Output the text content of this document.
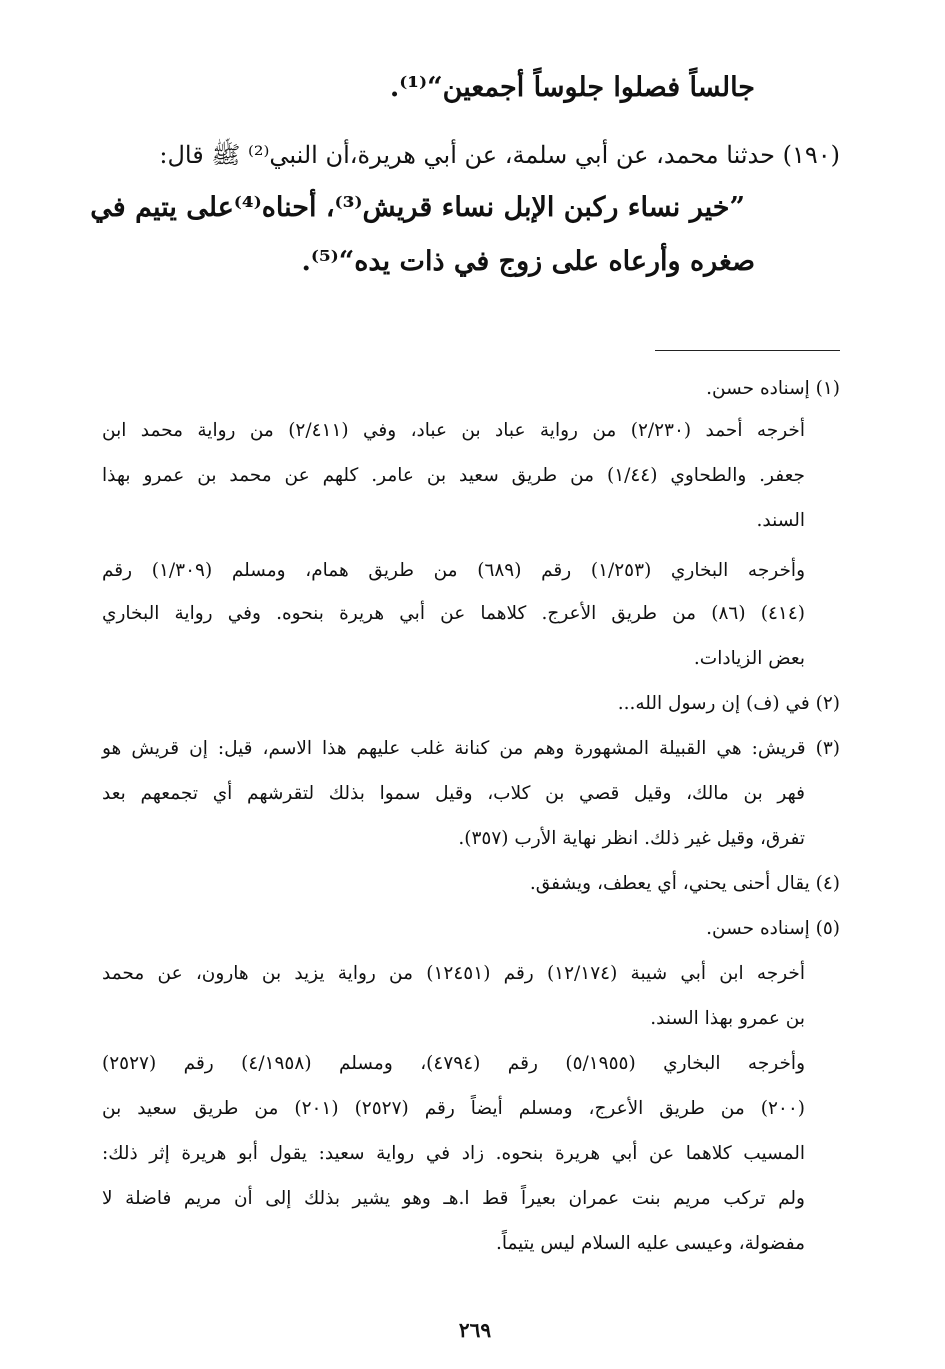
جالساً فصلوا جلوساً أجمعين“⁽¹⁾.
(١٩٠) حدثنا محمد، عن أبي سلمة، عن أبي هريرة،أن النبي⁽²⁾ ﷺ قال:
”خير نساء ركبن الإبل نساء قريش⁽³⁾، أحناه⁽⁴⁾على يتيم في
صغره وأرعاه على زوج في ذات يده“⁽⁵⁾.
(١) إسناده حسن.
أخرجه أحمد (٢/٢٣٠) من رواية عباد بن عباد، وفي (٢/٤١١) من رواية محمد ابن
جعفر. والطحاوي (١/٤٤) من طريق سعيد بن عامر. كلهم عن محمد بن عمرو بهذا
السند.
وأخرجه البخاري (١/٢٥٣) رقم (٦٨٩) من طريق همام، ومسلم (١/٣٠٩) رقم
(٤١٤) (٨٦) من طريق الأعرج. كلاهما عن أبي هريرة بنحوه. وفي رواية البخاري
بعض الزيادات.
(٢) في (ف) إن رسول الله...
(٣) قريش: هي القبيلة المشهورة وهم من كنانة غلب عليهم هذا الاسم، قيل: إن قريش هو
فهر بن مالك، وقيل قصي بن كلاب، وقيل سموا بذلك لتقرشهم أي تجمعهم بعد
تفرق، وقيل غير ذلك. انظر نهاية الأرب (٣٥٧).
(٤) يقال أحنى يحني، أي يعطف، ويشفق.
(٥) إسناده حسن.
أخرجه ابن أبي شيبة (١٢/١٧٤) رقم (١٢٤٥١) من رواية يزيد بن هارون، عن محمد
بن عمرو بهذا السند.
وأخرجه البخاري (٥/١٩٥٥) رقم (٤٧٩٤)، ومسلم (٤/١٩٥٨) رقم (٢٥٢٧)
(٢٠٠) من طريق الأعرج، ومسلم أيضاً رقم (٢٥٢٧) (٢٠١) من طريق سعيد بن
المسيب كلاهما عن أبي هريرة بنحوه. زاد في رواية سعيد: يقول أبو هريرة إثر ذلك:
ولم تركب مريم بنت عمران بعيراً قط ا.هـ وهو يشير بذلك إلى أن مريم فاضلة لا
مفضولة، وعيسى عليه السلام ليس يتيماً.
٢٦٩
